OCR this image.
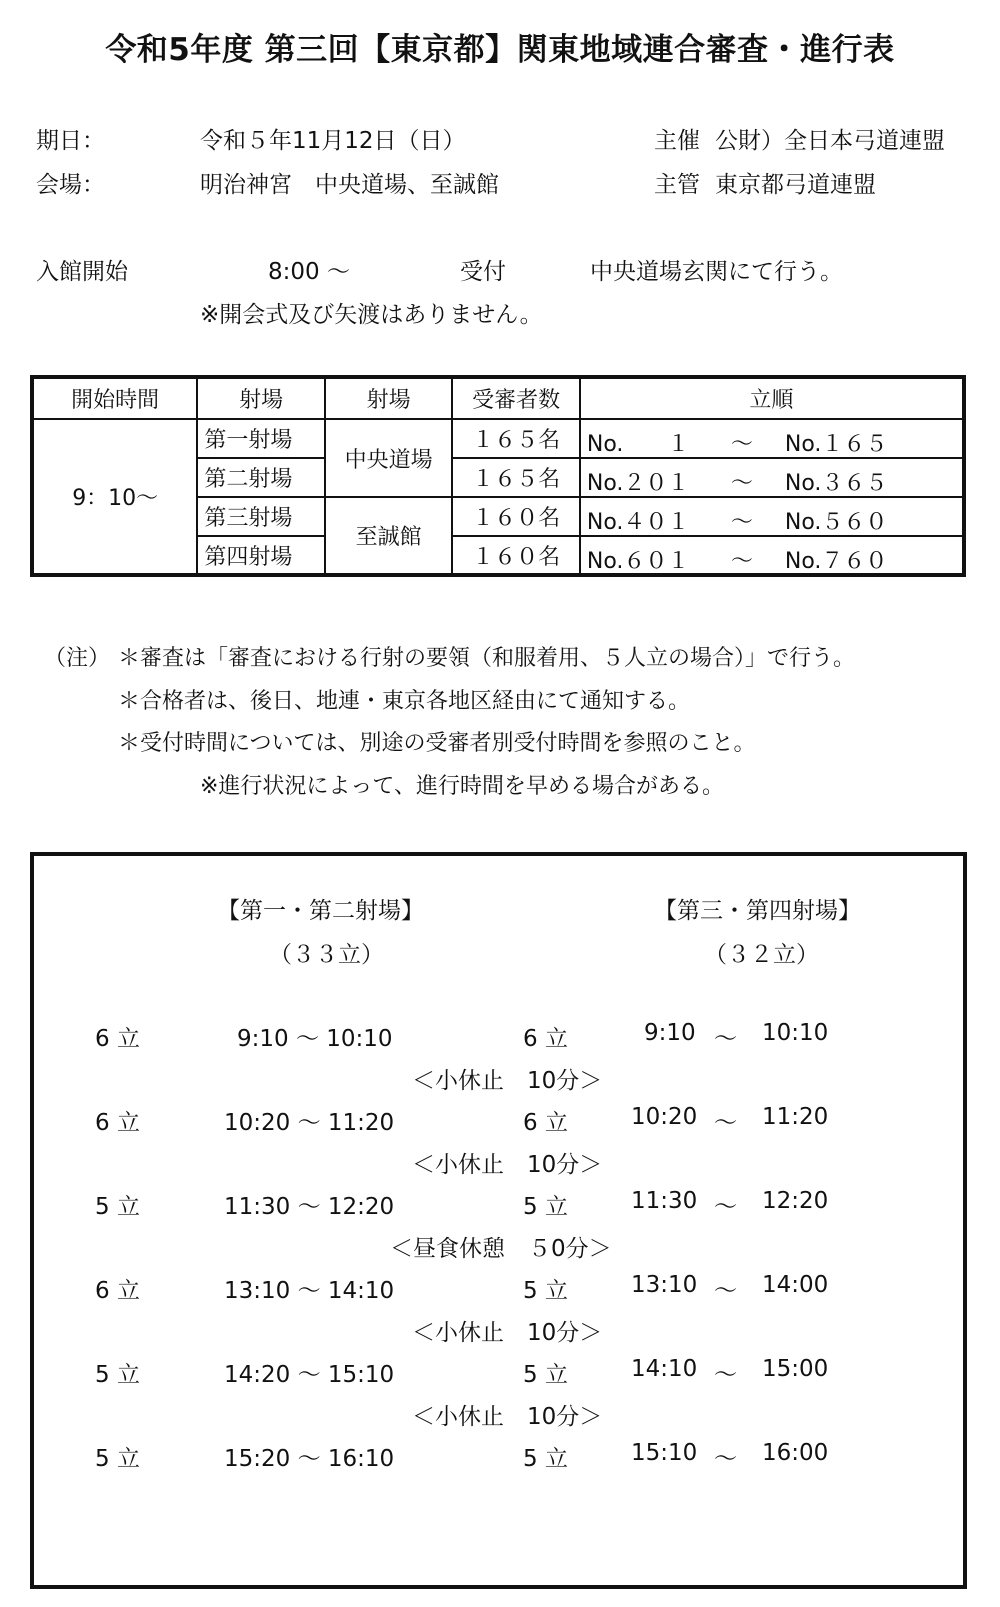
令和5年度 第三回【東京都】関東地域連合審査・進行表
期日：	令和５年11月12日（日）	主催 公財）全日本弓道連盟
会場：	明治神宮　中央道場、至誠館	主管 東京都弓道連盟
入館開始	8:00 ～	受付	中央道場玄関にて行う。
※開会式及び矢渡はありません。
開始時間	射場	射場	受審者数	立順
9：10～	第一射場	中央道場	１６５名	No.　　１ ～ No.１６５

	第二射場		１６５名	No.２０１ ～ No.３６５

	第三射場	至誠館	１６０名	No.４０１ ～ No.５６０

	第四射場		１６０名	No.６０１ ～ No.７６０
（注） ＊審査は「審査における行射の要領（和服着用、５人立の場合）」で行う。
＊合格者は、後日、地連・東京各地区経由にて通知する。
＊受付時間については、別途の受審者別受付時間を参照のこと。
※進行状況によって、進行時間を早める場合がある。
【第一・第二射場】
（３３立）
【第三・第四射場】
（３２立）
6 立	9:10 ～ 10:10	6 立	9:10 ～ 10:10
＜小休止　10分＞
6 立	10:20 ～ 11:20	6 立	10:20 ～ 11:20
＜小休止　10分＞
5 立	11:30 ～ 12:20	5 立	11:30 ～ 12:20
＜昼食休憩　５0分＞
6 立	13:10 ～ 14:10	5 立	13:10 ～ 14:00
＜小休止　10分＞
5 立	14:20 ～ 15:10	5 立	14:10 ～ 15:00
＜小休止　10分＞
5 立	15:20 ～ 16:10	5 立	15:10 ～ 16:00
